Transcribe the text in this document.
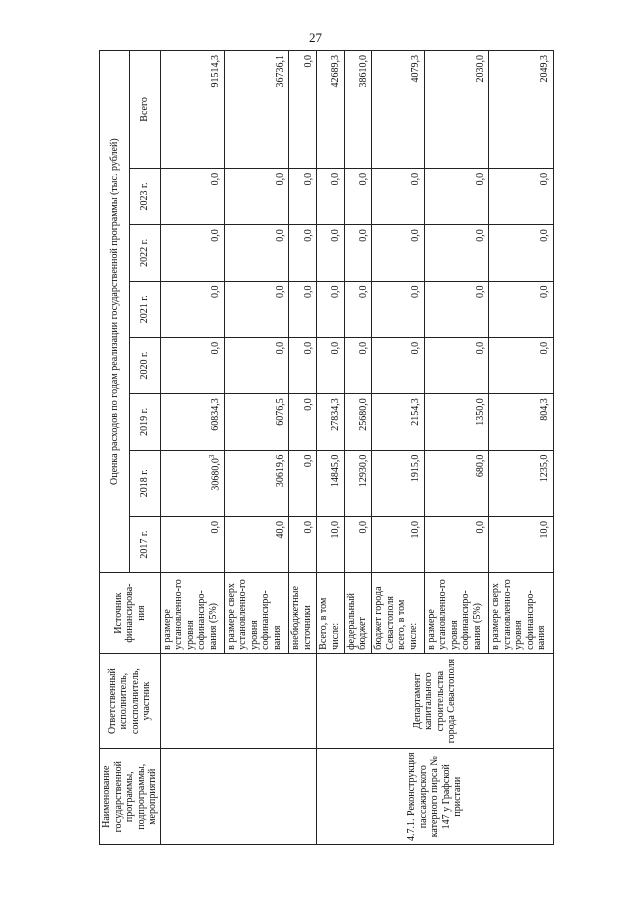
27
Наименование государственной программы, подпрограммы, мероприятий	Ответственный исполнитель, соисполнитель, участник	Источник финансирова-ния	Оценка расходов по годам реализации государственной программы (тыс. рублей)							
			2017 г.	2018 г.	2019 г.	2020 г.	2021 г.	2022 г.	2023 г.	Всего
		в размере установленно-го уровня софинансиро-вания (5%)	0,0	30680,0$^3$	60834,3	0,0	0,0	0,0	0,0	91514,3
		в размере сверх установленно-го уровня софинансиро-вания	40,0	30619,6	6076,5	0,0	0,0	0,0	0,0	36736,1
		внебюджетные источники	0,0	0,0	0,0	0,0	0,0	0,0	0,0	0,0
4.7.1. Реконструкция пассажирского катерного пирса № 147 у Графской пристани	Департамент капитального строительства города Севастополя	Всего, в том числе:	10,0	14845,0	27834,3	0,0	0,0	0,0	0,0	42689,3
		федеральный бюджет	0,0	12930,0	25680,0	0,0	0,0	0,0	0,0	38610,0
		бюджет города Севастополя всего, в том числе:	10,0	1915,0	2154,3	0,0	0,0	0,0	0,0	4079,3
		в размере установленно-го уровня софинансиро-вания (5%)	0,0	680,0	1350,0	0,0	0,0	0,0	0,0	2030,0
		в размере сверх установленно-го уровня софинансиро-вания	10,0	1235,0	804,3	0,0	0,0	0,0	0,0	2049,3
